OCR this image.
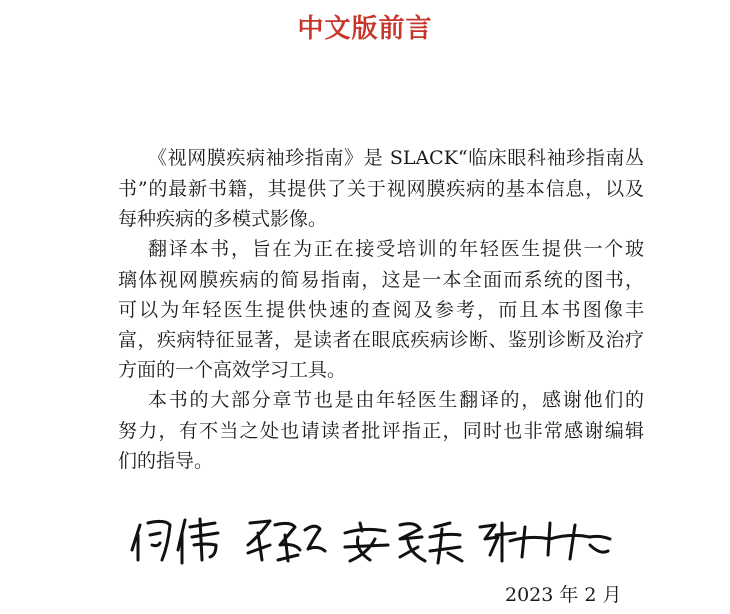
中文版前言
《视网膜疾病袖珍指南》是 SLACK“临床眼科袖珍指南丛
书”的最新书籍，其提供了关于视网膜疾病的基本信息，以及
每种疾病的多模式影像。
翻译本书，旨在为正在接受培训的年轻医生提供一个玻
璃体视网膜疾病的简易指南，这是一本全面而系统的图书，
可以为年轻医生提供快速的查阅及参考，而且本书图像丰
富，疾病特征显著，是读者在眼底疾病诊断、鉴别诊断及治疗
方面的一个高效学习工具。
本书的大部分章节也是由年轻医生翻译的，感谢他们的
努力，有不当之处也请读者批评指正，同时也非常感谢编辑
们的指导。
2023 年 2 月
